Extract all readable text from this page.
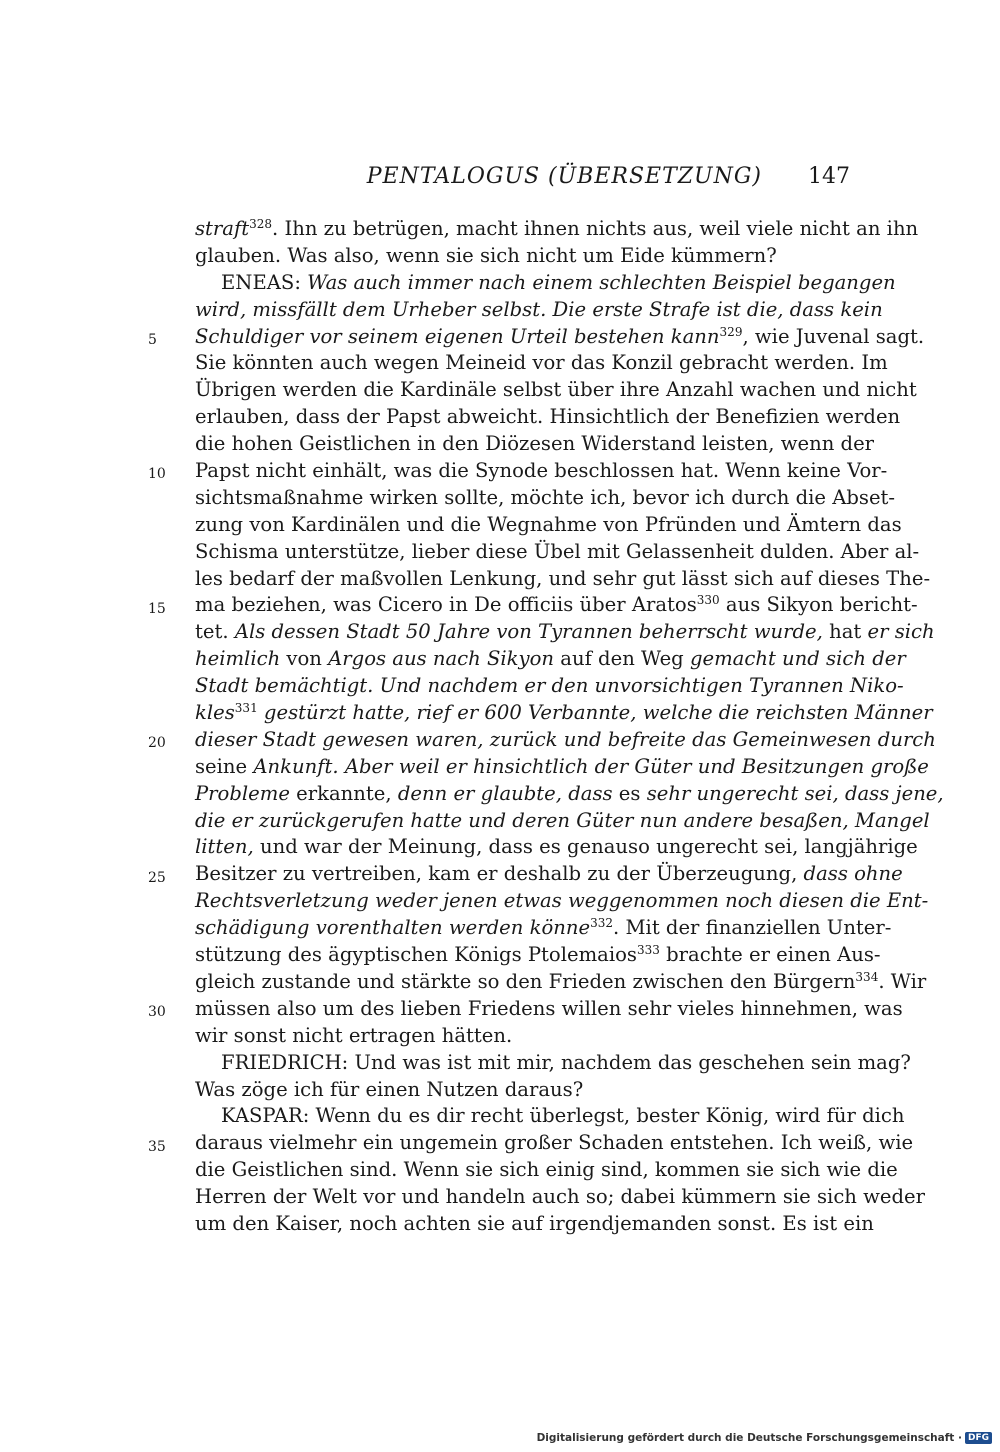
PENTALOGUS (ÜBERSETZUNG) 147
straft$^{328}$. Ihn zu betrügen, macht ihnen nichts aus, weil viele nicht an ihn
glauben. Was also, wenn sie sich nicht um Eide kümmern?
ENEAS: Was auch immer nach einem schlechten Beispiel begangen
wird, missfällt dem Urheber selbst. Die erste Strafe ist die, dass kein
Schuldiger vor seinem eigenen Urteil bestehen kann$^{329}$, wie Juvenal sagt.
Sie könnten auch wegen Meineid vor das Konzil gebracht werden. Im
Übrigen werden die Kardinäle selbst über ihre Anzahl wachen und nicht
erlauben, dass der Papst abweicht. Hinsichtlich der Benefizien werden
die hohen Geistlichen in den Diözesen Widerstand leisten, wenn der
Papst nicht einhält, was die Synode beschlossen hat. Wenn keine Vor-
sichtsmaßnahme wirken sollte, möchte ich, bevor ich durch die Abset-
zung von Kardinälen und die Wegnahme von Pfründen und Ämtern das
Schisma unterstütze, lieber diese Übel mit Gelassenheit dulden. Aber al-
les bedarf der maßvollen Lenkung, und sehr gut lässt sich auf dieses The-
ma beziehen, was Cicero in De officiis über Aratos$^{330}$ aus Sikyon bericht-
tet. Als dessen Stadt 50 Jahre von Tyrannen beherrscht wurde, hat er sich
heimlich von Argos aus nach Sikyon auf den Weg gemacht und sich der
Stadt bemächtigt. Und nachdem er den unvorsichtigen Tyrannen Niko-
kles$^{331}$ gestürzt hatte, rief er 600 Verbannte, welche die reichsten Männer
dieser Stadt gewesen waren, zurück und befreite das Gemeinwesen durch
seine Ankunft. Aber weil er hinsichtlich der Güter und Besitzungen große
Probleme erkannte, denn er glaubte, dass es sehr ungerecht sei, dass jene,
die er zurückgerufen hatte und deren Güter nun andere besaßen, Mangel
litten, und war der Meinung, dass es genauso ungerecht sei, langjährige
Besitzer zu vertreiben, kam er deshalb zu der Überzeugung, dass ohne
Rechtsverletzung weder jenen etwas weggenommen noch diesen die Ent-
schädigung vorenthalten werden könne$^{332}$. Mit der finanziellen Unter-
stützung des ägyptischen Königs Ptolemaios$^{333}$ brachte er einen Aus-
gleich zustande und stärkte so den Frieden zwischen den Bürgern$^{334}$. Wir
müssen also um des lieben Friedens willen sehr vieles hinnehmen, was
wir sonst nicht ertragen hätten.
FRIEDRICH: Und was ist mit mir, nachdem das geschehen sein mag?
Was zöge ich für einen Nutzen daraus?
KASPAR: Wenn du es dir recht überlegst, bester König, wird für dich
daraus vielmehr ein ungemein großer Schaden entstehen. Ich weiß, wie
die Geistlichen sind. Wenn sie sich einig sind, kommen sie sich wie die
Herren der Welt vor und handeln auch so; dabei kümmern sie sich weder
um den Kaiser, noch achten sie auf irgendjemanden sonst. Es ist ein
5
10
15
20
25
30
35
Digitalisierung gefördert durch die Deutsche Forschungsgemeinschaft · DFG
